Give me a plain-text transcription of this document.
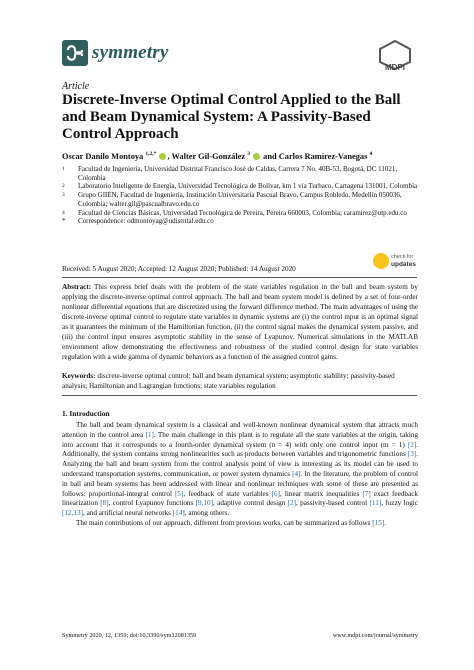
symmetry
MDPI
Article
Discrete-Inverse Optimal Control Applied to the Ball and Beam Dynamical System: A Passivity-Based Control Approach
Oscar Danilo Montoya $^{1,2,*}$ , Walter Gil-González $^3$  and Carlos Ramírez-Vanegas $^4$
1 Facultad de Ingeniería, Universidad Distrital Francisco José de Caldas, Carrera 7 No. 40B-53, Bogotá, DC 11021, Colombia
2 Laboratorio Inteligente de Energía, Universidad Tecnológica de Bolívar, km 1 vía Turbaco, Cartagena 131001, Colombia
3 Grupo GIIEN, Facultad de Ingeniería, Institución Universitaria Pascual Bravo, Campus Robledo, Medellín 050036, Colombia; walter.gil@pascualbravo.edu.co
4 Facultad de Ciencias Básicas, Universidad Tecnológica de Pereira, Pereira 660003, Colombia; caramirez@utp.edu.co
* Correspondence: odmontoyag@udistrital.edu.co
Received: 5 August 2020; Accepted: 12 August 2020; Published: 14 August 2020
check for
updates
Abstract: This express brief deals with the problem of the state variables regulation in the ball and beam system by applying the discrete-inverse optimal control approach. The ball and beam system model is defined by a set of four-order nonlinear differential equations that are discretized using the forward difference method. The main advantages of using the discrete-inverse optimal control to regulate state variables in dynamic systems are (i) the control input is an optimal signal as it guarantees the minimum of the Hamiltonian function, (ii) the control signal makes the dynamical system passive, and (iii) the control input ensures asymptotic stability in the sense of Lyapunov. Numerical simulations in the MATLAB environment allow demonstrating the effectiveness and robustness of the studied control design for state variables regulation with a wide gamma of dynamic behaviors as a function of the assigned control gains.
Keywords: discrete-inverse optimal control; ball and beam dynamical system; asymptotic stability; passivity-based analysis; Hamiltonian and Lagrangian functions; state variables regulation
1. Introduction

The ball and beam dynamical system is a classical and well-known nonlinear dynamical system that attracts much attention in the control area [1]. The main challenge in this plant is to regulate all the state variables at the origin, taking into account that it corresponds to a fourth-order dynamical system (n = 4) with only one control input (m = 1) [2]. Additionally, the system contains strong nonlinearities such as products between variables and trigonometric functions [3]. Analyzing the ball and beam system from the control analysis point of view is interesting as its model can be used to understand transportation systems, communication, or power system dynamics [4]. In the literature, the problem of control in ball and beam systems has been addressed with linear and nonlinear techniques with some of these are presented as follows: proportional-integral control [5], feedback of state variables [6], linear matrix inequalities [7] exact feedback linearization [8], control Lyapunov functions [9,10], adaptive control design [2], passivity-based control [11], fuzzy logic [12,13], and artificial neural networks [14], among others.

The main contributions of our approach, different from previous works, can be summarized as follows [15].

Symmetry 2020, 12, 1359; doi:10.3390/sym12081359	www.mdpi.com/journal/symmetry
